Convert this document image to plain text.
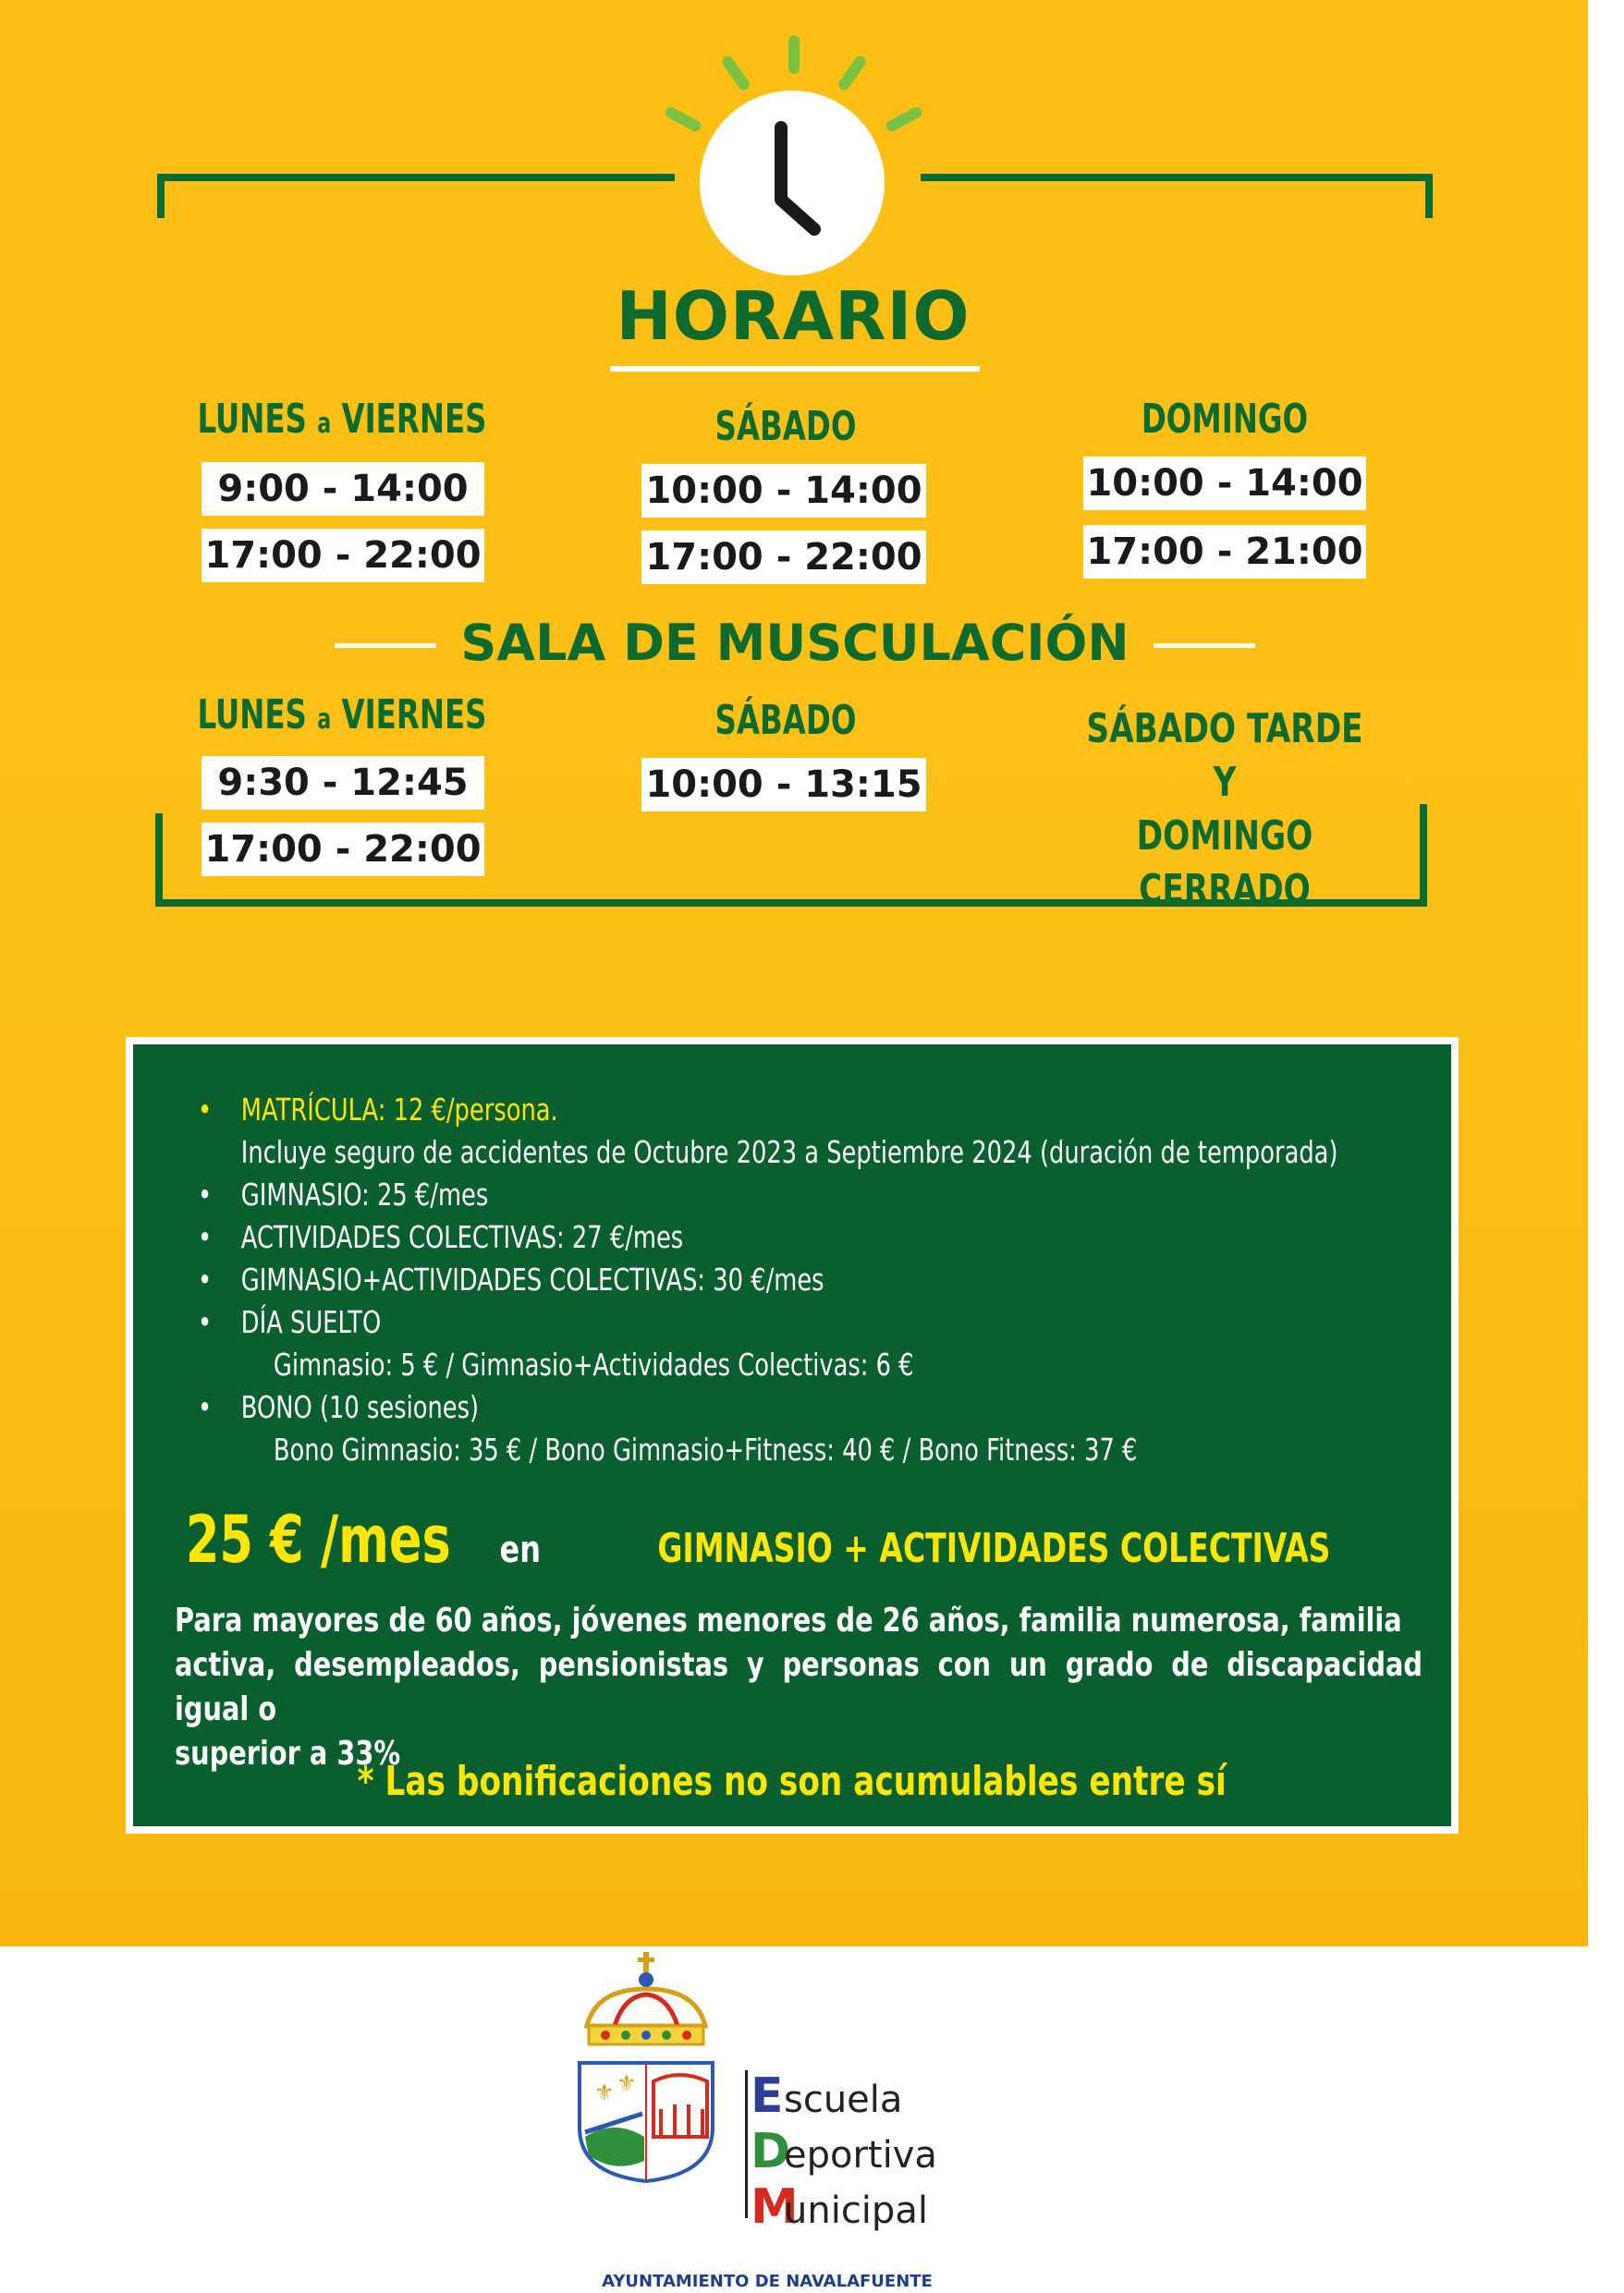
HORARIO
LUNES a VIERNES
9:00 - 14:00
17:00 - 22:00
SÁBADO
10:00 - 14:00
17:00 - 22:00
DOMINGO
10:00 - 14:00
17:00 - 21:00
SALA DE MUSCULACIÓN
LUNES a VIERNES
9:30 - 12:45
17:00 - 22:00
SÁBADO
10:00 - 13:15
SÁBADO TARDE Y
DOMINGO CERRADO
• MATRÍCULA: 12 €/persona.
Incluye seguro de accidentes de Octubre 2023 a Septiembre 2024 (duración de temporada)
• GIMNASIO: 25 €/mes
• ACTIVIDADES COLECTIVAS: 27 €/mes
• GIMNASIO+ACTIVIDADES COLECTIVAS: 30 €/mes
• DÍA SUELTO
Gimnasio: 5 € / Gimnasio+Actividades Colectivas: 6 €
• BONO (10 sesiones)
Bono Gimnasio: 35 € / Bono Gimnasio+Fitness: 40 € / Bono Fitness: 37 €
25 € /mes en	GIMNASIO + ACTIVIDADES COLECTIVAS
Para mayores de 60 años, jóvenes menores de 26 años, familia numerosa, familia
activa, desempleados, pensionistas y personas con un grado de discapacidad igual o
superior a 33%
* Las bonificaciones no son acumulables entre sí
⚜ ⚜ Escuela
Deportiva
Municipal
AYUNTAMIENTO DE NAVALAFUENTE
